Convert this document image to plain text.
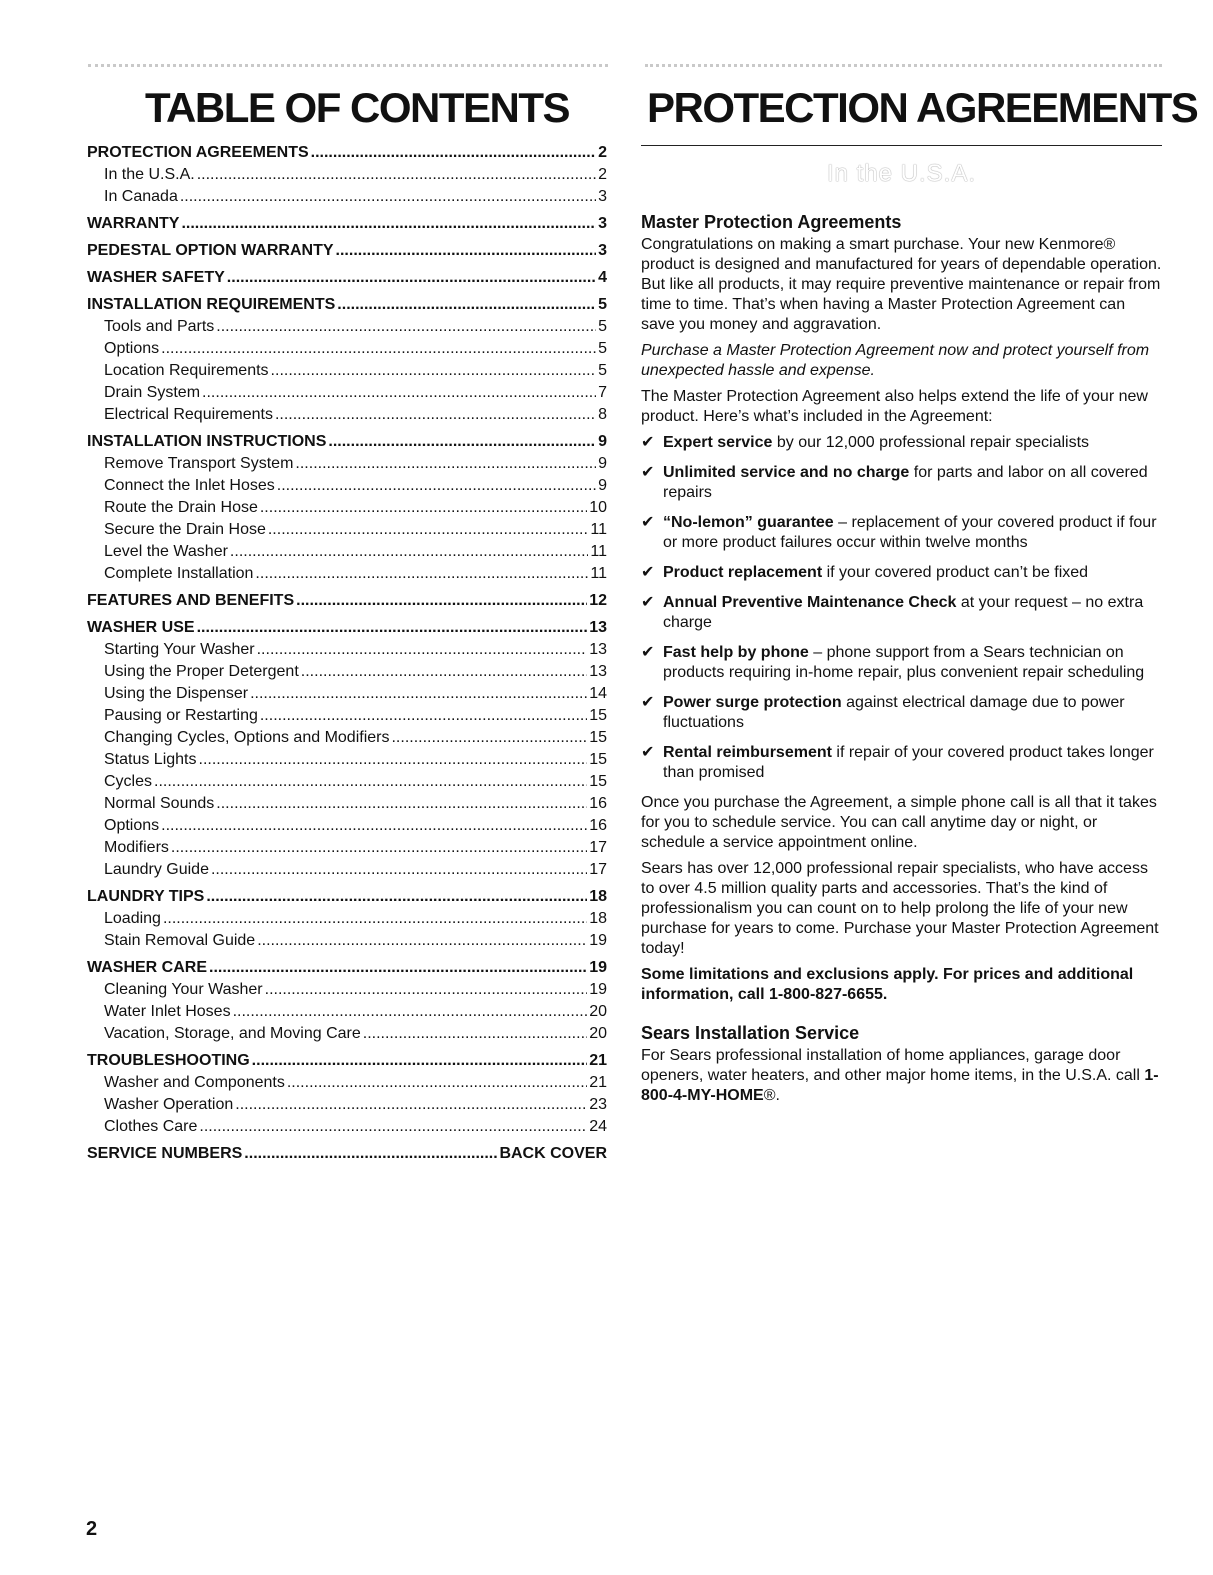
TABLE OF CONTENTS
PROTECTION AGREEMENTS .....	2
In the U.S.A. .....	2
In Canada .....	3
WARRANTY .....	3
PEDESTAL OPTION WARRANTY .....	3
WASHER SAFETY .....	4
INSTALLATION REQUIREMENTS .....	5
Tools and Parts .....	5
Options .....	5
Location Requirements .....	5
Drain System .....	7
Electrical Requirements .....	8
INSTALLATION INSTRUCTIONS .....	9
Remove Transport System .....	9
Connect the Inlet Hoses .....	9
Route the Drain Hose .....	10
Secure the Drain Hose .....	11
Level the Washer .....	11
Complete Installation .....	11
FEATURES AND BENEFITS .....	12
WASHER USE .....	13
Starting Your Washer .....	13
Using the Proper Detergent .....	13
Using the Dispenser .....	14
Pausing or Restarting .....	15
Changing Cycles, Options and Modifiers .....	15
Status Lights .....	15
Cycles .....	15
Normal Sounds .....	16
Options .....	16
Modifiers .....	17
Laundry Guide .....	17
LAUNDRY TIPS .....	18
Loading .....	18
Stain Removal Guide .....	19
WASHER CARE .....	19
Cleaning Your Washer .....	19
Water Inlet Hoses .....	20
Vacation, Storage, and Moving Care .....	20
TROUBLESHOOTING .....	21
Washer and Components .....	21
Washer Operation .....	23
Clothes Care .....	24
SERVICE NUMBERS .....	BACK COVER
PROTECTION AGREEMENTS
In the U.S.A.
Master Protection Agreements

Congratulations on making a smart purchase. Your new Kenmore® product is designed and manufactured for years of dependable operation. But like all products, it may require preventive maintenance or repair from time to time. That’s when having a Master Protection Agreement can save you money and aggravation.

Purchase a Master Protection Agreement now and protect yourself from unexpected hassle and expense.

The Master Protection Agreement also helps extend the life of your new product. Here’s what’s included in the Agreement:

✔ Expert service by our 12,000 professional repair specialists
✔ Unlimited service and no charge for parts and labor on all covered repairs
✔ “No-lemon” guarantee – replacement of your covered product if four or more product failures occur within twelve months
✔ Product replacement if your covered product can’t be fixed
✔ Annual Preventive Maintenance Check at your request – no extra charge
✔ Fast help by phone – phone support from a Sears technician on products requiring in-home repair, plus convenient repair scheduling
✔ Power surge protection against electrical damage due to power fluctuations
✔ Rental reimbursement if repair of your covered product takes longer than promised

Once you purchase the Agreement, a simple phone call is all that it takes for you to schedule service. You can call anytime day or night, or schedule a service appointment online.

Sears has over 12,000 professional repair specialists, who have access to over 4.5 million quality parts and accessories. That’s the kind of professionalism you can count on to help prolong the life of your new purchase for years to come. Purchase your Master Protection Agreement today!

Some limitations and exclusions apply. For prices and additional information, call 1-800-827-6655.

Sears Installation Service

For Sears professional installation of home appliances, garage door openers, water heaters, and other major home items, in the U.S.A. call 1-800-4-MY-HOME®.

2
